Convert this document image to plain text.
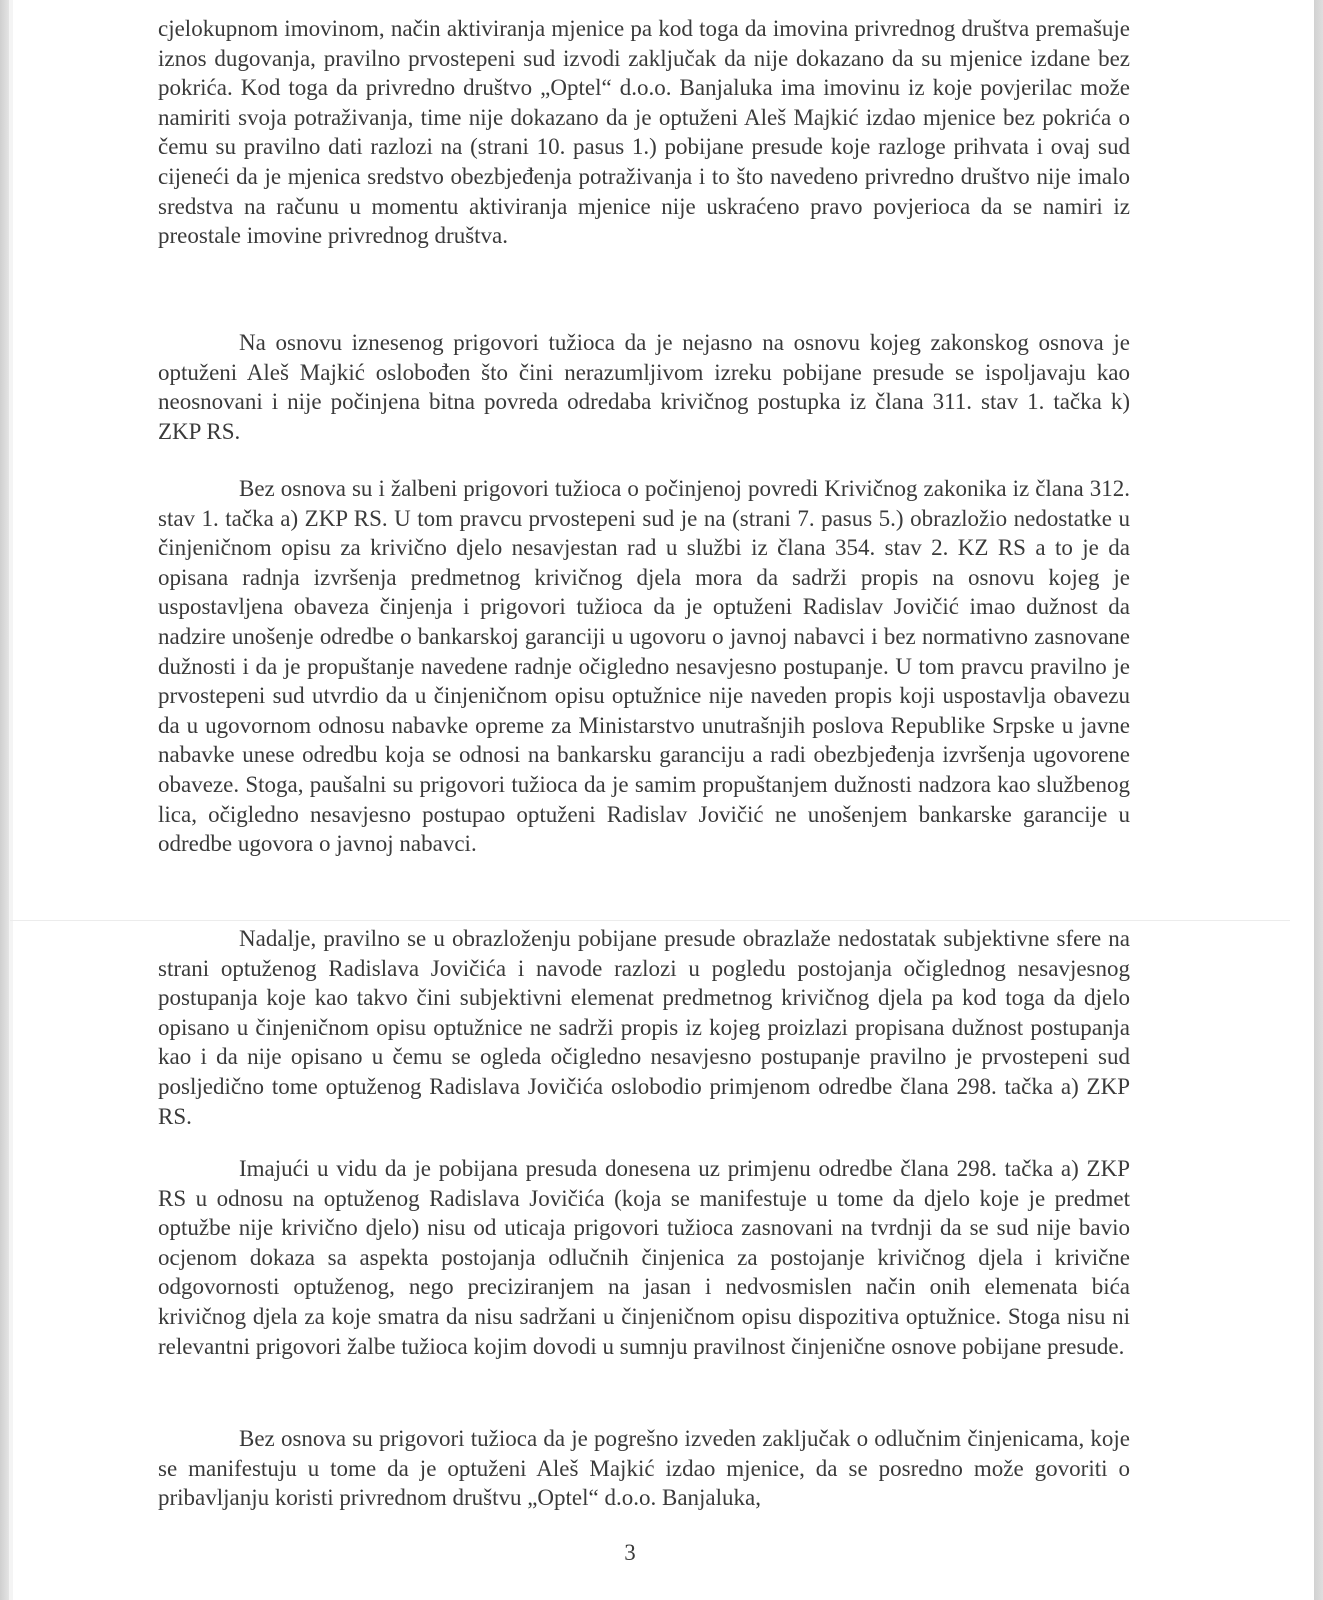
cjelokupnom imovinom, način aktiviranja mjenice pa kod toga da imovina privrednog društva premašuje iznos dugovanja, pravilno prvostepeni sud izvodi zaključak da nije dokazano da su mjenice izdane bez pokrića. Kod toga da privredno društvo „Optel“ d.o.o. Banjaluka ima imovinu iz koje povjerilac može namiriti svoja potraživanja, time nije dokazano da je optuženi Aleš Majkić izdao mjenice bez pokrića o čemu su pravilno dati razlozi na (strani 10. pasus 1.) pobijane presude koje razloge prihvata i ovaj sud cijeneći da je mjenica sredstvo obezbjeđenja potraživanja i to što navedeno privredno društvo nije imalo sredstva na računu u momentu aktiviranja mjenice nije uskraćeno pravo povjerioca da se namiri iz preostale imovine privrednog društva.

Na osnovu iznesenog prigovori tužioca da je nejasno na osnovu kojeg zakonskog osnova je optuženi Aleš Majkić oslobođen što čini nerazumljivom izreku pobijane presude se ispoljavaju kao neosnovani i nije počinjena bitna povreda odredaba krivičnog postupka iz člana 311. stav 1. tačka k) ZKP RS.

Bez osnova su i žalbeni prigovori tužioca o počinjenoj povredi Krivičnog zakonika iz člana 312. stav 1. tačka a) ZKP RS. U tom pravcu prvostepeni sud je na (strani 7. pasus 5.) obrazložio nedostatke u činjeničnom opisu za krivično djelo nesavjestan rad u službi iz člana 354. stav 2. KZ RS a to je da opisana radnja izvršenja predmetnog krivičnog djela mora da sadrži propis na osnovu kojeg je uspostavljena obaveza činjenja i prigovori tužioca da je optuženi Radislav Jovičić imao dužnost da nadzire unošenje odredbe o bankarskoj garanciji u ugovoru o javnoj nabavci i bez normativno zasnovane dužnosti i da je propuštanje navedene radnje očigledno nesavjesno postupanje. U tom pravcu pravilno je prvostepeni sud utvrdio da u činjeničnom opisu optužnice nije naveden propis koji uspostavlja obavezu da u ugovornom odnosu nabavke opreme za Ministarstvo unutrašnjih poslova Republike Srpske u javne nabavke unese odredbu koja se odnosi na bankarsku garanciju a radi obezbjeđenja izvršenja ugovorene obaveze. Stoga, paušalni su prigovori tužioca da je samim propuštanjem dužnosti nadzora kao službenog lica, očigledno nesavjesno postupao optuženi Radislav Jovičić ne unošenjem bankarske garancije u odredbe ugovora o javnoj nabavci.

Nadalje, pravilno se u obrazloženju pobijane presude obrazlaže nedostatak subjektivne sfere na strani optuženog Radislava Jovičića i navode razlozi u pogledu postojanja očiglednog nesavjesnog postupanja koje kao takvo čini subjektivni elemenat predmetnog krivičnog djela pa kod toga da djelo opisano u činjeničnom opisu optužnice ne sadrži propis iz kojeg proizlazi propisana dužnost postupanja kao i da nije opisano u čemu se ogleda očigledno nesavjesno postupanje pravilno je prvostepeni sud posljedično tome optuženog Radislava Jovičića oslobodio primjenom odredbe člana 298. tačka a) ZKP RS.

Imajući u vidu da je pobijana presuda donesena uz primjenu odredbe člana 298. tačka a) ZKP RS u odnosu na optuženog Radislava Jovičića (koja se manifestuje u tome da djelo koje je predmet optužbe nije krivično djelo) nisu od uticaja prigovori tužioca zasnovani na tvrdnji da se sud nije bavio ocjenom dokaza sa aspekta postojanja odlučnih činjenica za postojanje krivičnog djela i krivične odgovornosti optuženog, nego preciziranjem na jasan i nedvosmislen način onih elemenata bića krivičnog djela za koje smatra da nisu sadržani u činjeničnom opisu dispozitiva optužnice. Stoga nisu ni relevantni prigovori žalbe tužioca kojim dovodi u sumnju pravilnost činjenične osnove pobijane presude.

Bez osnova su prigovori tužioca da je pogrešno izveden zaključak o odlučnim činjenicama, koje se manifestuju u tome da je optuženi Aleš Majkić izdao mjenice, da se posredno može govoriti o pribavljanju koristi privrednom društvu „Optel“ d.o.o. Banjaluka,

3
